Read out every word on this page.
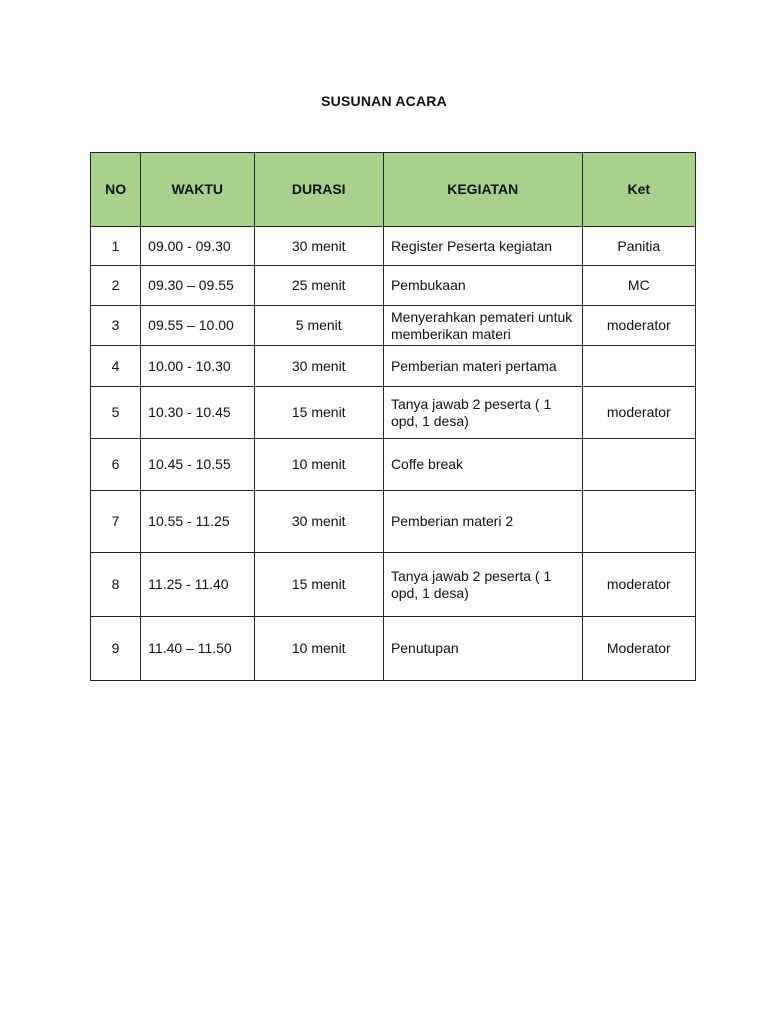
SUSUNAN ACARA
NO	WAKTU	DURASI	KEGIATAN	Ket
1	09.00 - 09.30	30 menit	Register Peserta kegiatan	Panitia
2	09.30 – 09.55	25 menit	Pembukaan	MC
3	09.55 – 10.00	5 menit	Menyerahkan pemateri untuk memberikan materi	moderator
4	10.00 - 10.30	30 menit	Pemberian materi pertama	
5	10.30 - 10.45	15 menit	Tanya jawab 2 peserta ( 1 opd, 1 desa)	moderator
6	10.45 - 10.55	10 menit	Coffe break	
7	10.55 - 11.25	30 menit	Pemberian materi 2	
8	11.25 - 11.40	15 menit	Tanya jawab 2 peserta ( 1 opd, 1 desa)	moderator
9	11.40 – 11.50	10 menit	Penutupan	Moderator
